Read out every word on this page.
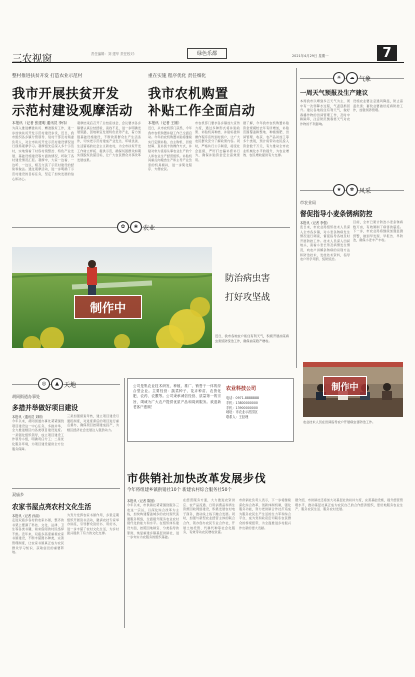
三农视窗	责任编辑：刘 建华 责任校对：	绿色乐都	2021年4月29日 星期一	7
整村推进扶贫开发 打造农业示范村
我市开展扶贫开发
示范村建设观摩活动
本报讯（记者 张建明 通讯员 李伟）
为深入推进精准扶贫、精准脱贫工作，进一步加快扶贫开发示范村建设步伐，近日，我市组织各乡镇分管领导、驻村干部及村两委负责人，对全市扶贫开发示范村建设情况进行现场观摩学习。观摩组先后深入多个示范村，实地察看了村容村貌整治、特色产业发展、基础设施建设等方面的情况，听取了各村建设情况汇报。观摩中，大家一边看、一边听、一边议，相互交流了示范村建设的经验和做法。通过观摩活动，进一步明确了示范村建设的目标任务，坚定了加快发展的信心和决心。
观摩结束后召开了总结座谈会，会议要求各乡镇要认真总结经验，查找不足，进一步明确发展思路，因地制宜发展特色优势产业，着力加强基础设施建设，不断改善群众生产生活条件，切实把示范村建成产业发达、环境优美、生活富裕的社会主义新农村，为全市扶贫开发工作树立样板、提供示范，确保贫困群众如期实现脱贫致富目标，让广大农民群众共享改革发展成果。
重在实施 程序优化 责任细化
我市农机购置
补贴工作全面启动
本报讯（记者 王刚）
近日，从市农机部门获悉，今年我市农机购置补贴工作已全面启动。今年的农机购置补贴将继续实行定额补贴、自主购机、县级结算、直补到卡的操作方式，补贴对象为直接从事农业生产的个人和农业生产经营组织。补贴机具重点向粮食生产和主导产业急需的机具倾斜，进一步简化程序、方便农民。
市农机部门要求各乡镇加大宣传力度，通过多种形式将补贴政策、补贴机具种类、补贴标准和操作程序宣传到村到户，让广大农民群众充分了解政策内容。同时，严格执行公示制度，接受社会监督，严厉打击骗补套补行为，确保补贴资金安全高效使用。
据了解，今年我市农机购置补贴资金规模较去年有所增加，补贴范围覆盖耕整地、种植施肥、田间管理、收获、农产品初加工等多个类别，预计将带动农民投入资金数千万元，有力推动全市农业机械化水平的提升，为农业增效、农民增收提供有力支撑。
✿	❀ 农业
制作中
防治病虫害
打好攻坚战
近日，我市各地农户抓住有利天气，积极开展油菜病虫害统防统治工作，确保油菜稳产增收。
☀	☁ 气象
一周天气预报及生产建议
本周我市以晴到多云天气为主，周中有一次弱降水过程，气温逐渐回升。建议各地抓住有利天气，做好春播作物的田间管理工作，及时中耕除草，注意防范倒春寒天气对农作物的不利影响。
设施农业要注意通风降温，防止高温危害；畜牧业要做好疫病防控工作，加强饲养管理。
★	✾ 风采
市农业局
督促指导小麦条锈病防控
本报讯（记者 李强）
连日来，市农业局组织技术人员深入全市各乡镇，对小麦条锈病发生情况进行调查，督促指导各地及时开展防控工作。技术人员深入田间地头，查看小麦长势及病情发生情况，向农户讲解条锈病的识别方法和防治技术，发放技术资料，指导农户科学用药、统防统治。
目前，全市已累计防治小麦条锈病数万亩，有效遏制了病害的蔓延。下一步，市农业局将继续加强监测预警，做到早发现、早报告、早防治，确保小麦丰产丰收。
制作中
农业技术人员在田间指导农户开展病虫害防治工作。
◎	▲ 天地
胡同街道办事处
多措并举做好项目建设
本报讯（通讯员 刘明）
今年以来，胡同街道办事处紧紧围绕项目建设这一中心任务，多措并举，全力推进辖区内各类项目建设进度。一是强化组织领导，成立项目建设工作领导小组，明确责任分工；二是优化服务环境，为项目建设提供全方位服务保障。
三是加强督查考核，建立项目建设月通报制度，对进度滞后的项目进行重点督办，确保项目按期建成投产，为辖区经济社会发展注入强劲动力。
双庙乡
农家书屋点亮农村文化生活
本报讯（记者 孙丽）
走进双庙乡各村的农家书屋，整齐的书架上摆满了科技、文化、法律、卫生等各类书籍，前来借阅的村民络绎不绝。近年来，双庙乡高度重视农家书屋建设，不断丰富图书种类，完善管理制度，让农家书屋真正成为农民群众学习知识、获取信息的重要阵地。
为充分发挥农家书屋作用，乡里定期组织开展读书活动，邀请农技专家举办讲座，引导群众读好书、用好书，进一步丰富了农村文化生活，为乡村振兴提供了有力的文化支撑。
公司是集农业技术研发、种植、推广、销售于一体的综合型企业。主要经营：蔬菜种子、花卉种苗、农资化肥、农药、农膜等。公司秉承诚信经营、质量第一的宗旨，竭诚为广大农户提供优质产品和周到服务。欢迎新老客户惠顾！
农业科技公司
电话：0971-8888888
手机：13800000000
手机：13900000000
地址：市农业示范园区
联系人：王经理
市供销社加快改革发展步伐
今年将组建乡镇供销社10个 新建农村综合服务社50个
本报讯（记者 陈刚）
今年以来，市供销社紧紧围绕服务三农这一宗旨，以深化综合改革为主线，加快构建覆盖城乡的农村现代流通服务网络，全面提升服务农业农村现代化的能力和水平。在组织体系建设方面，按照因地制宜、分类指导的原则，恢复重建乡镇基层供销社，进一步夯实为农服务的组织基础。
在经营服务方面，大力推进农资供应、农产品流通、日用消费品和再生资源回收网络建设，积极发展农村电子商务，推动线上线下融合发展。同时，加强与新型农业经营主体的联合合作，领办创办农民专业合作社，开展土地托管、代耕代种等社会化服务，有效带动农民增收致富。
市供销社负责人表示，下一步将继续深化综合改革，创新体制机制，强化服务功能，努力把供销合作社打造成为服务农民生产生活的生力军和综合平台，成为党和政府密切联系农民群众的桥梁纽带，为全面推进乡村振兴作出新的更大贡献。
据介绍，市供销社还将加大对基层社的扶持力度，完善基础设施，提升经营管理水平，推动基层社真正成为农民自己的合作经济组织，更好地服务农业生产、服务农民生活、服务农村发展。
